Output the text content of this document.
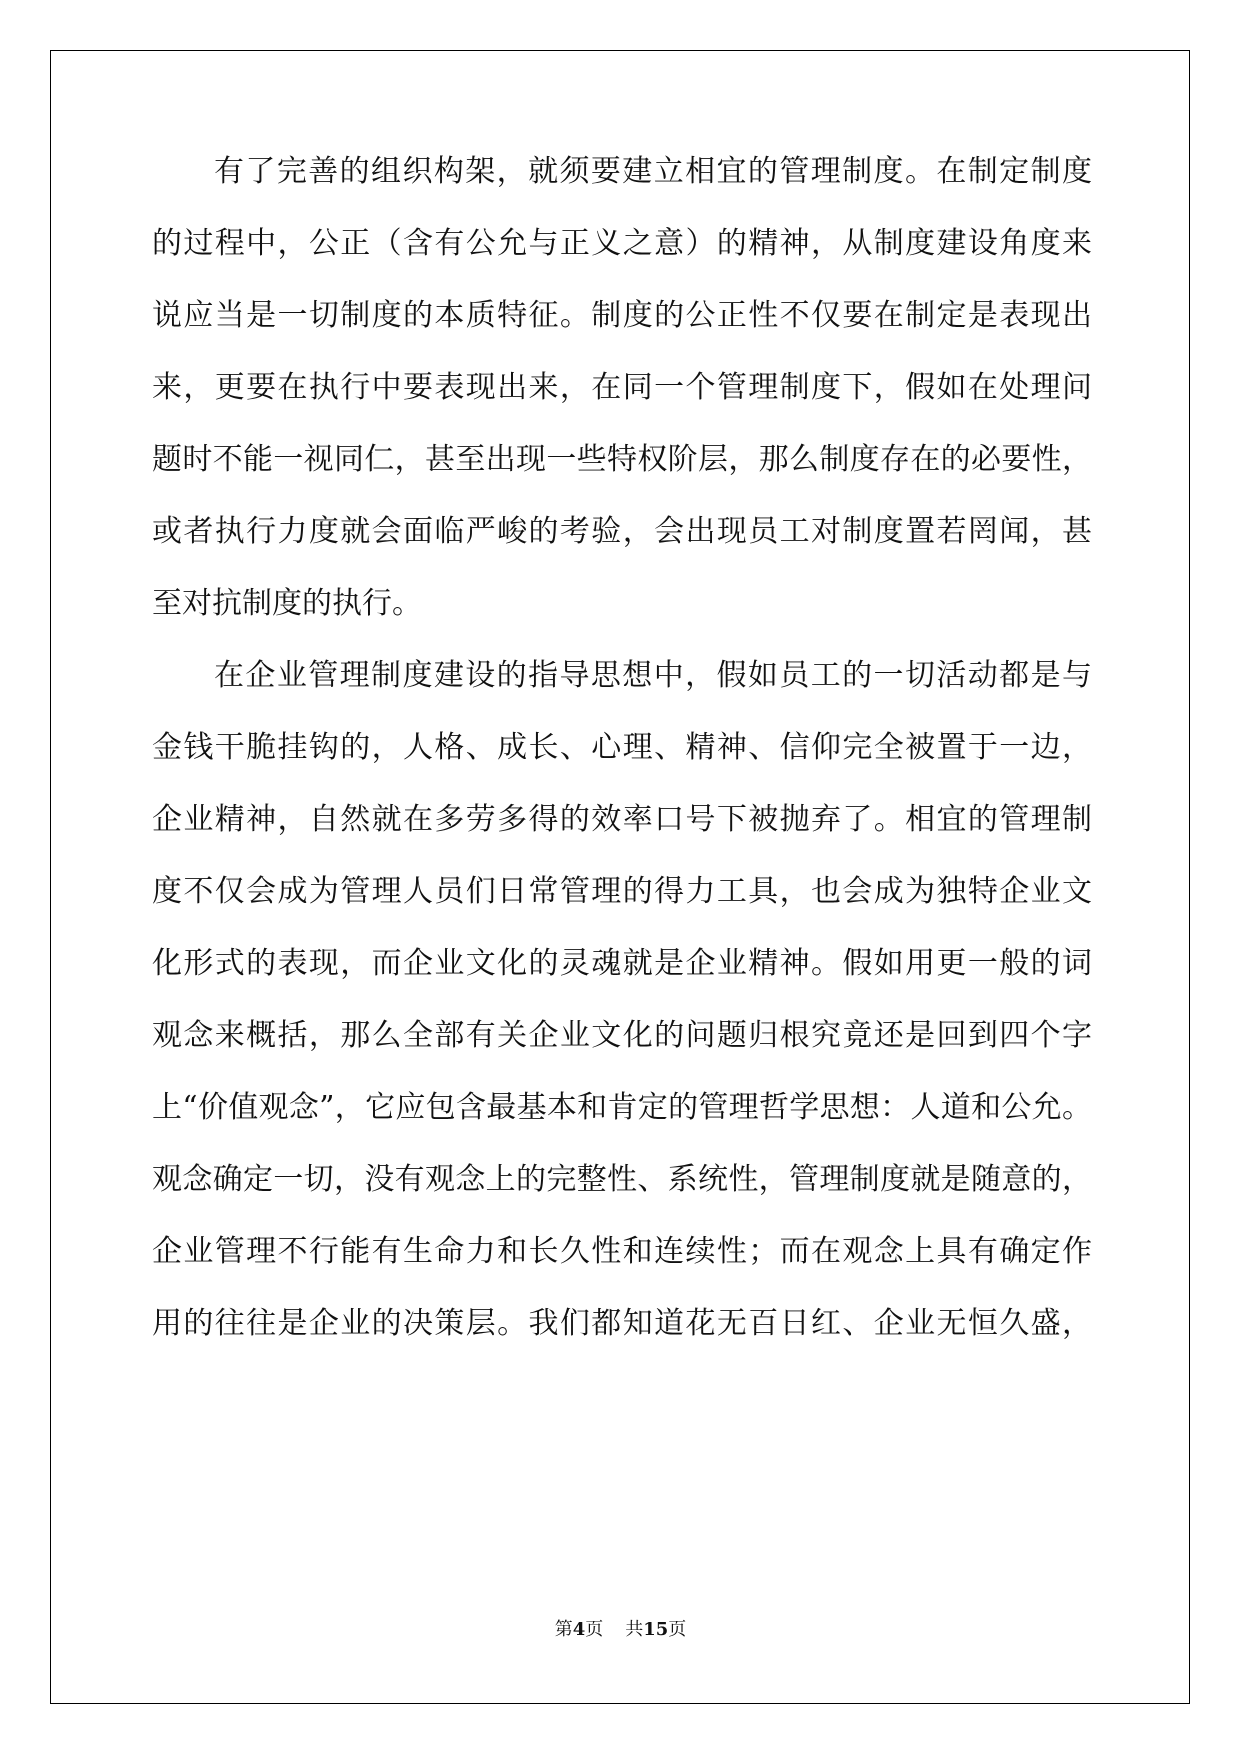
有了完善的组织构架，就须要建立相宜的管理制度。在制定制度
的过程中，公正（含有公允与正义之意）的精神，从制度建设角度来
说应当是一切制度的本质特征。制度的公正性不仅要在制定是表现出
来，更要在执行中要表现出来，在同一个管理制度下，假如在处理问
题时不能一视同仁，甚至出现一些特权阶层，那么制度存在的必要性，
或者执行力度就会面临严峻的考验，会出现员工对制度置若罔闻，甚
至对抗制度的执行。
在企业管理制度建设的指导思想中，假如员工的一切活动都是与
金钱干脆挂钩的，人格、成长、心理、精神、信仰完全被置于一边，
企业精神，自然就在多劳多得的效率口号下被抛弃了。相宜的管理制
度不仅会成为管理人员们日常管理的得力工具，也会成为独特企业文
化形式的表现，而企业文化的灵魂就是企业精神。假如用更一般的词
观念来概括，那么全部有关企业文化的问题归根究竟还是回到四个字
上“价值观念”，它应包含最基本和肯定的管理哲学思想：人道和公允。
观念确定一切，没有观念上的完整性、系统性，管理制度就是随意的，
企业管理不行能有生命力和长久性和连续性；而在观念上具有确定作
用的往往是企业的决策层。我们都知道花无百日红、企业无恒久盛，
第4页 共15页
